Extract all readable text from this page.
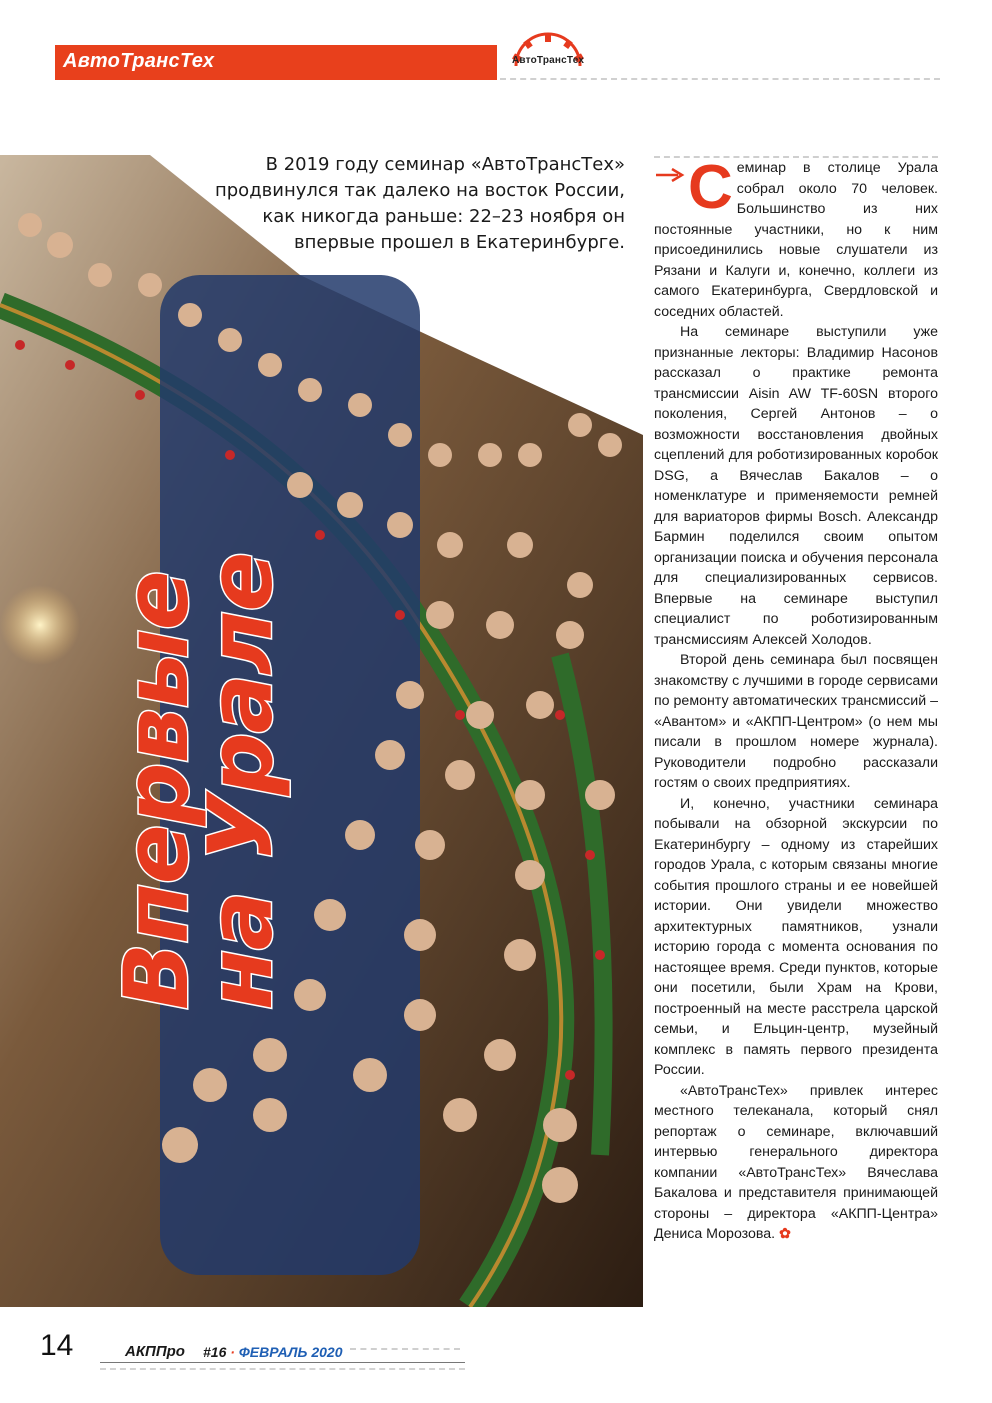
АвтоТрансТех	АвтоТрансТех
В 2019 году семинар «АвтоТрансТех» продвинулся так далеко на восток России, как никогда раньше: 22–23 ноября он впервые прошел в Екатеринбурге.
Впервые
на Урале

Семинар в столице Урала собрал около 70 человек. Большинство из них постоянные участники, но к ним присоединились новые слушатели из Рязани и Калуги и, конечно, коллеги из самого Екатеринбурга, Свердловской и соседних областей.

На семинаре выступили уже признанные лекторы: Владимир Насонов рассказал о практике ремонта трансмиссии Aisin AW TF-60SN второго поколения, Сергей Антонов – о возможности восстановления двойных сцеплений для роботизированных коробок DSG, а Вячеслав Бакалов – о номенклатуре и применяемости ремней для вариаторов фирмы Bosch. Александр Бармин поделился своим опытом организации поиска и обучения персонала для специализированных сервисов. Впервые на семинаре выступил специалист по роботизированным трансмиссиям Алексей Холодов.

Второй день семинара был посвящен знакомству с лучшими в городе сервисами по ремонту автоматических трансмиссий – «Авантом» и «АКПП-Центром» (о нем мы писали в прошлом номере журнала). Руководители подробно рассказали гостям о своих предприятиях.

И, конечно, участники семинара побывали на обзорной экскурсии по Екатеринбургу – одному из старейших городов Урала, с которым связаны многие события прошлого страны и ее новейшей истории. Они увидели множество архитектурных памятников, узнали историю города с момента основания по настоящее время. Среди пунктов, которые они посетили, были Храм на Крови, построенный на месте расстрела царской семьи, и Ельцин-центр, музейный комплекс в память первого президента России.

«АвтоТрансТех» привлек интерес местного телеканала, который снял репортаж о семинаре, включавший интервью генерального директора компании «АвтоТрансТех» Вячеслава Бакалова и представителя принимающей стороны – директора «АКПП-Центра» Дениса Морозова. ✿

14	АКППро #16 · ФЕВРАЛЬ 2020
